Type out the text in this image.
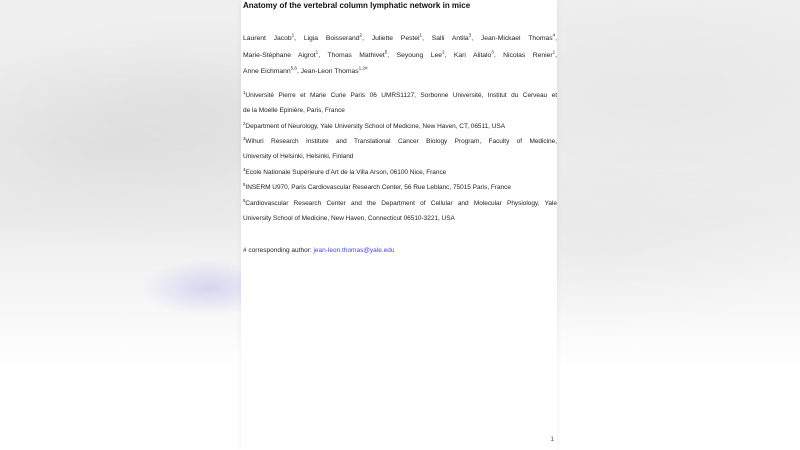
Anatomy of the vertebral column lymphatic network in mice
Laurent Jacob$^1$, Ligia Boisserand$^2$, Juliette Pestel$^1$, Salli Antila$^3$, Jean-Mickael Thomas$^4$,
Marie-Stéphane Aigrot$^1$, Thomas Mathivet$^5$, Seyoung Lee$^2$, Kari Alitalo$^3$, Nicolas Renier$^1$,
Anne Eichmann$^{5,6}$, Jean-Leon Thomas$^{1,2\#}$
$^1$Université Pierre et Marie Curie Paris 06 UMRS1127, Sorbonne Université, Institut du Cerveau et
de la Moelle Epinière, Paris, France
$^2$Department of Neurology, Yale University School of Medicine, New Haven, CT, 06511, USA
$^3$Wihuri Research Institute and Translational Cancer Biology Program, Faculty of Medicine,
University of Helsinki, Helsinki, Finland
$^4$Ecole Nationale Supérieure d’Art de la Villa Arson, 06100 Nice, France
$^5$INSERM U970, Paris Cardiovascular Research Center, 56 Rue Leblanc, 75015 Paris, France
$^6$Cardiovascular Research Center and the Department of Cellular and Molecular Physiology, Yale
University School of Medicine, New Haven, Connecticut 06510-3221, USA
# corresponding author: jean-leon.thomas@yale.edu
1
